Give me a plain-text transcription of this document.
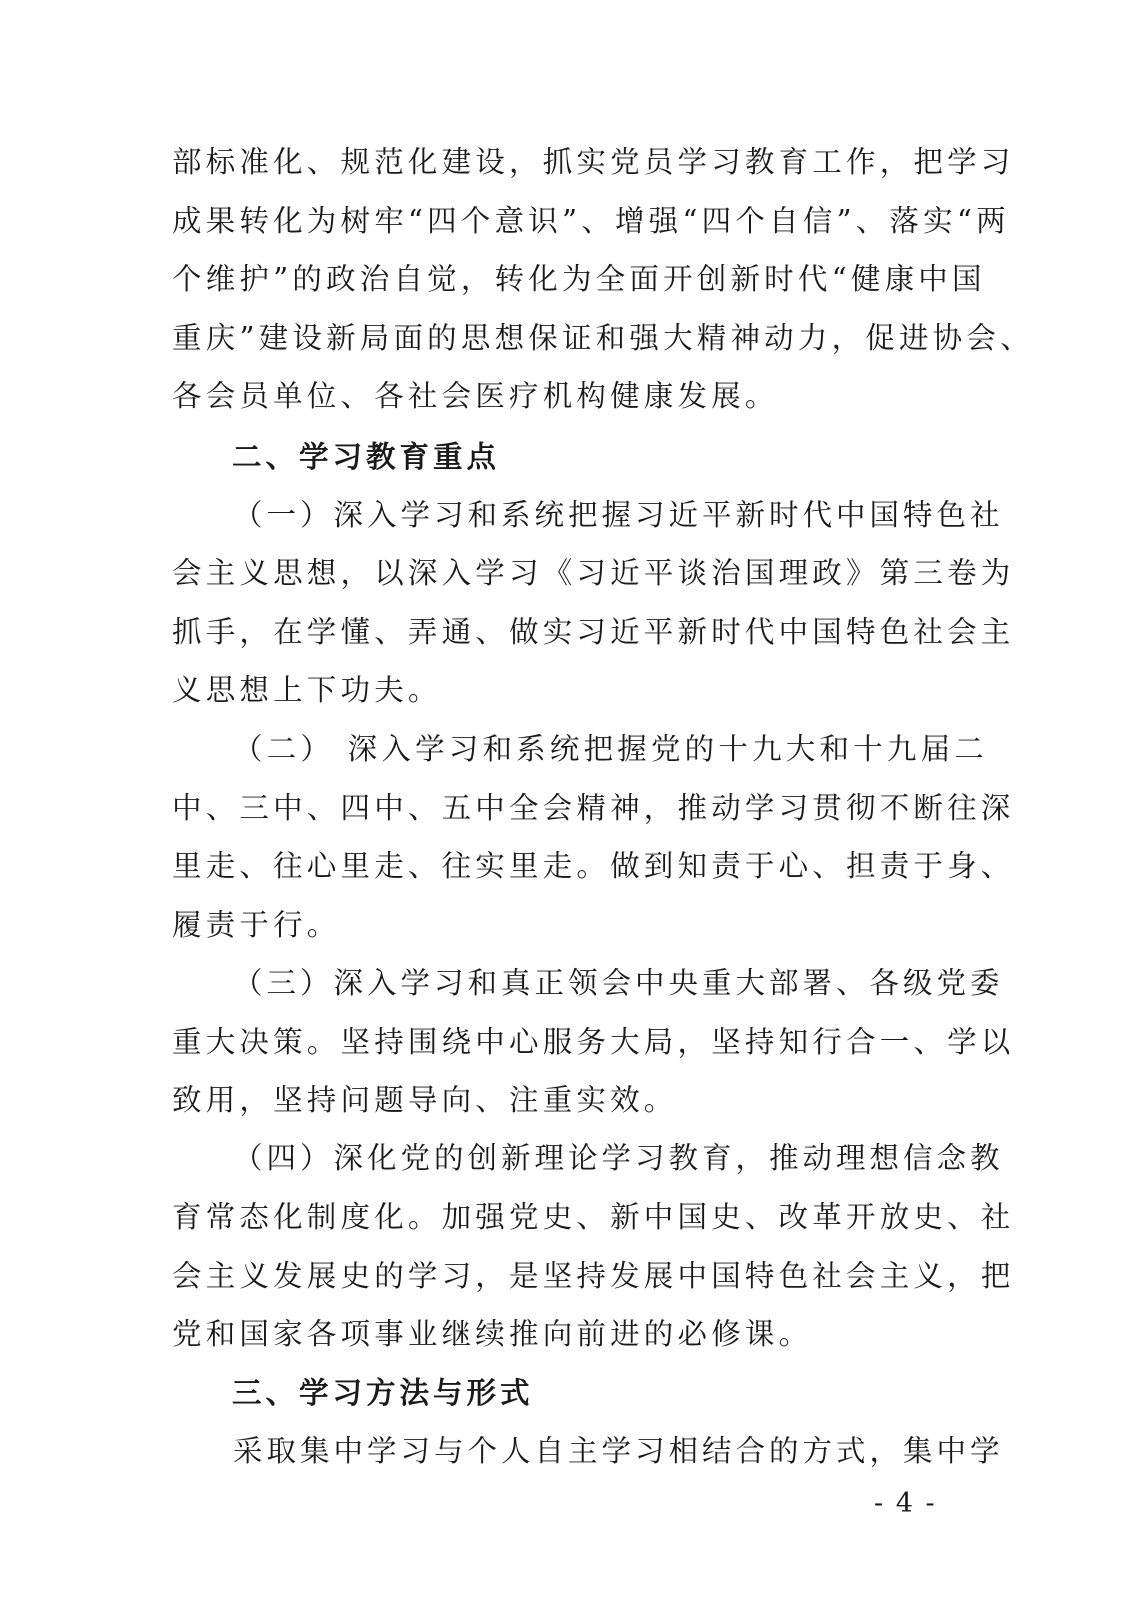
部标准化、规范化建设，抓实党员学习教育工作，把学习
成果转化为树牢“四个意识”、增强“四个自信”、落实“两
个维护”的政治自觉，转化为全面开创新时代“健康中国
重庆”建设新局面的思想保证和强大精神动力，促进协会、
各会员单位、各社会医疗机构健康发展。
二、学习教育重点
（一）深入学习和系统把握习近平新时代中国特色社
会主义思想，以深入学习《习近平谈治国理政》第三卷为
抓手，在学懂、弄通、做实习近平新时代中国特色社会主
义思想上下功夫。
（二） 深入学习和系统把握党的十九大和十九届二
中、三中、四中、五中全会精神，推动学习贯彻不断往深
里走、往心里走、往实里走。做到知责于心、担责于身、
履责于行。
（三）深入学习和真正领会中央重大部署、各级党委
重大决策。坚持围绕中心服务大局，坚持知行合一、学以
致用，坚持问题导向、注重实效。
（四）深化党的创新理论学习教育，推动理想信念教
育常态化制度化。加强党史、新中国史、改革开放史、社
会主义发展史的学习，是坚持发展中国特色社会主义，把
党和国家各项事业继续推向前进的必修课。
三、学习方法与形式
采取集中学习与个人自主学习相结合的方式，集中学
- 4 -
